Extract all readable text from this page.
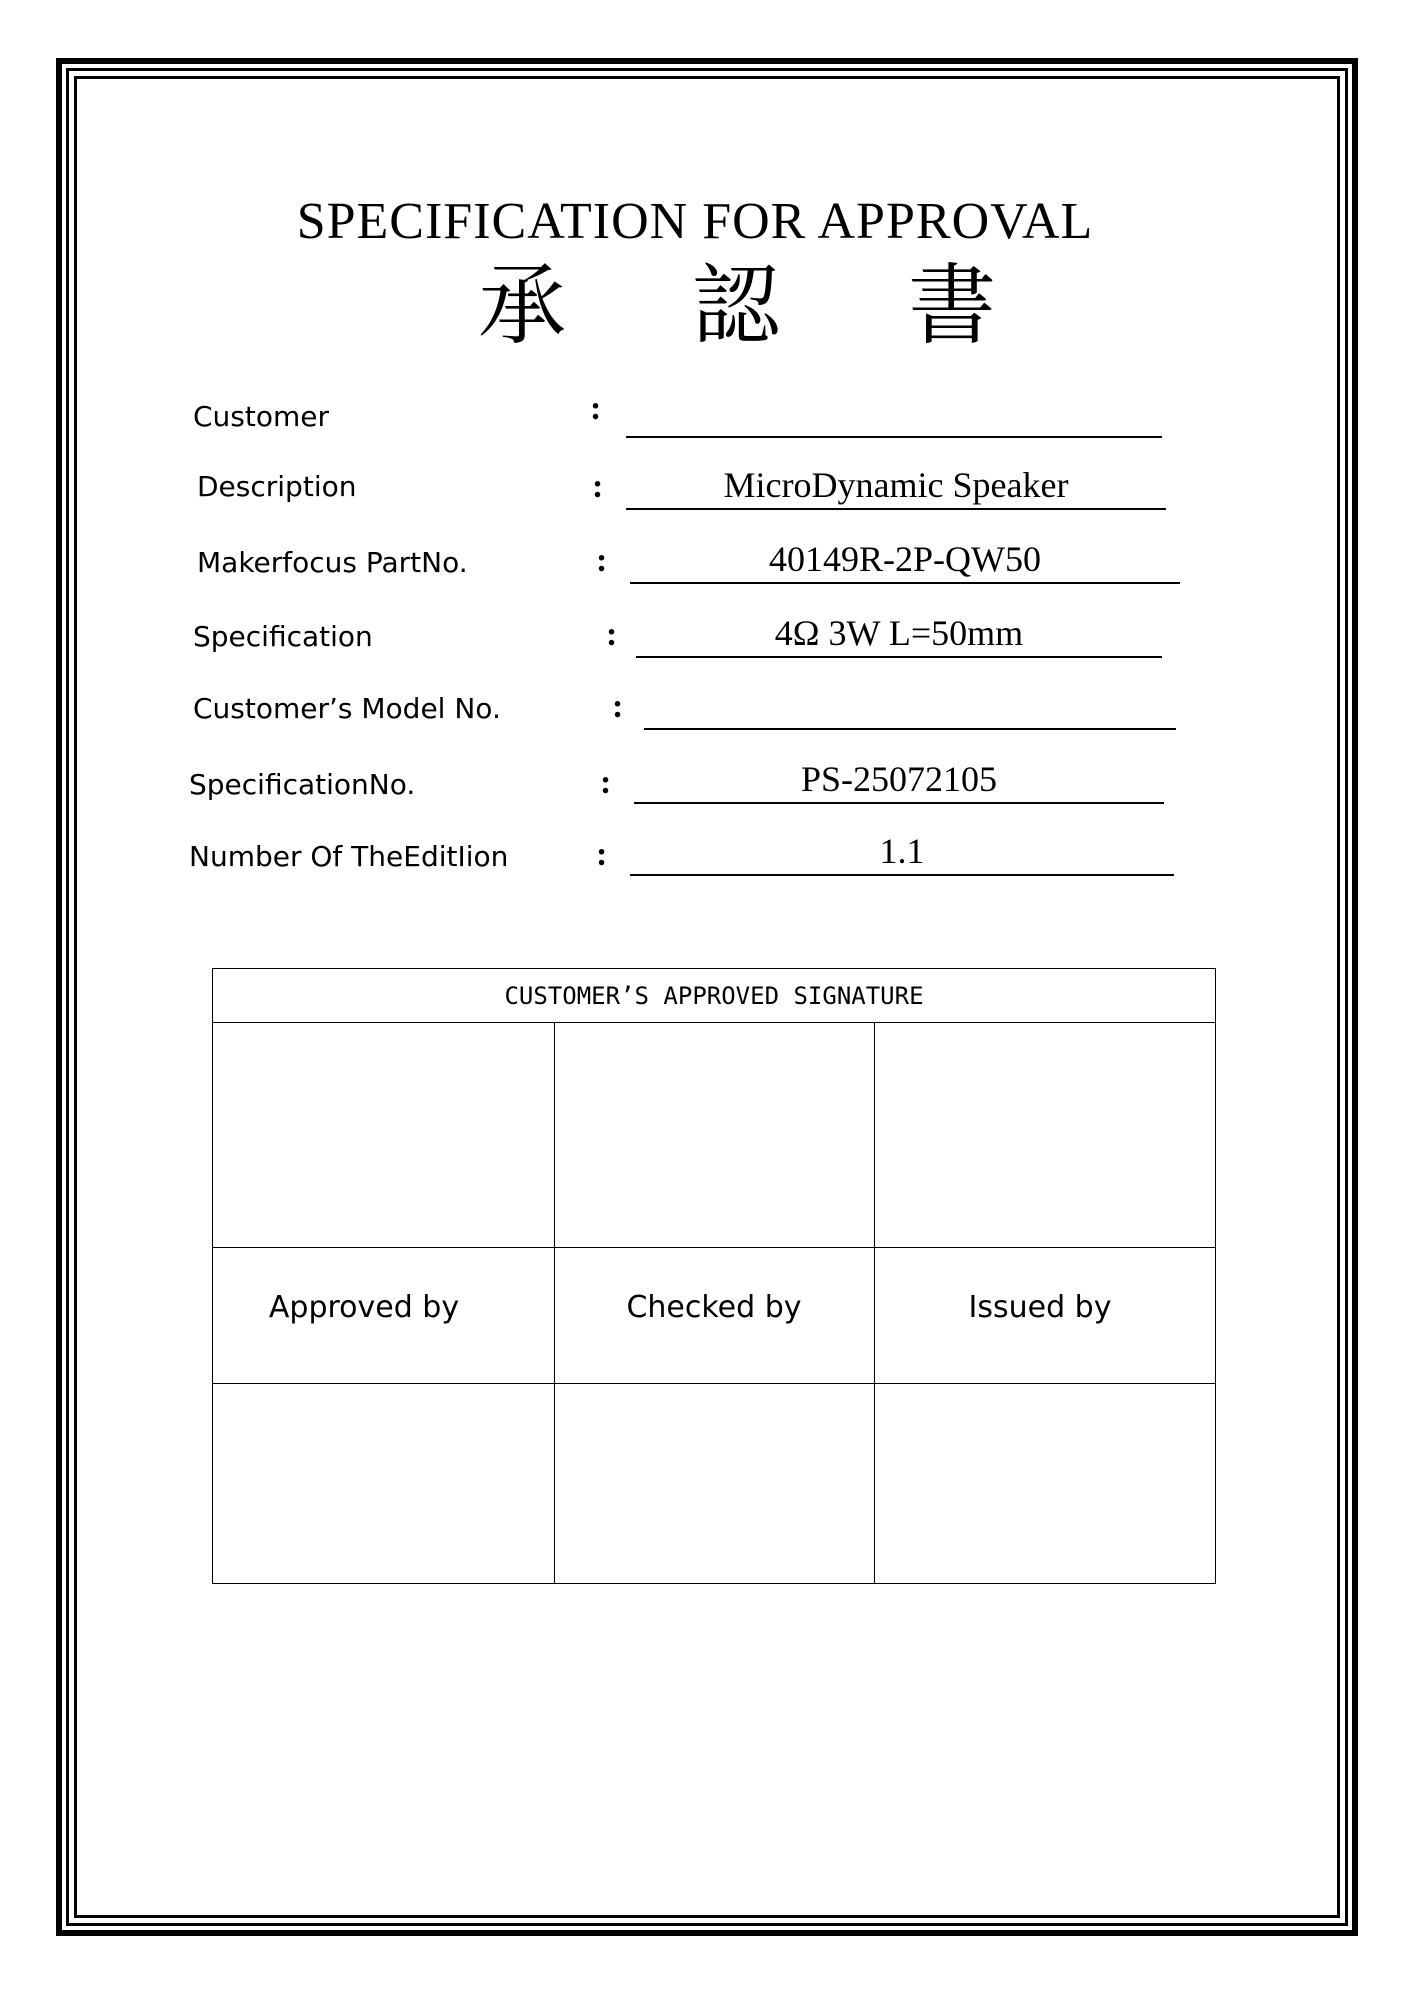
SPECIFICATION FOR APPROVAL
承 認 書
Customer	:
Description	:	MicroDynamic Speaker
Makerfocus PartNo.	:	40149R-2P-QW50
Specification	:	4Ω 3W L=50mm
Customer’s Model No.	:
SpecificationNo.	:	PS-25072105
Number Of TheEditIion	:	1.1
CUSTOMER’S APPROVED SIGNATURE
Approved by	Checked by	Issued by
